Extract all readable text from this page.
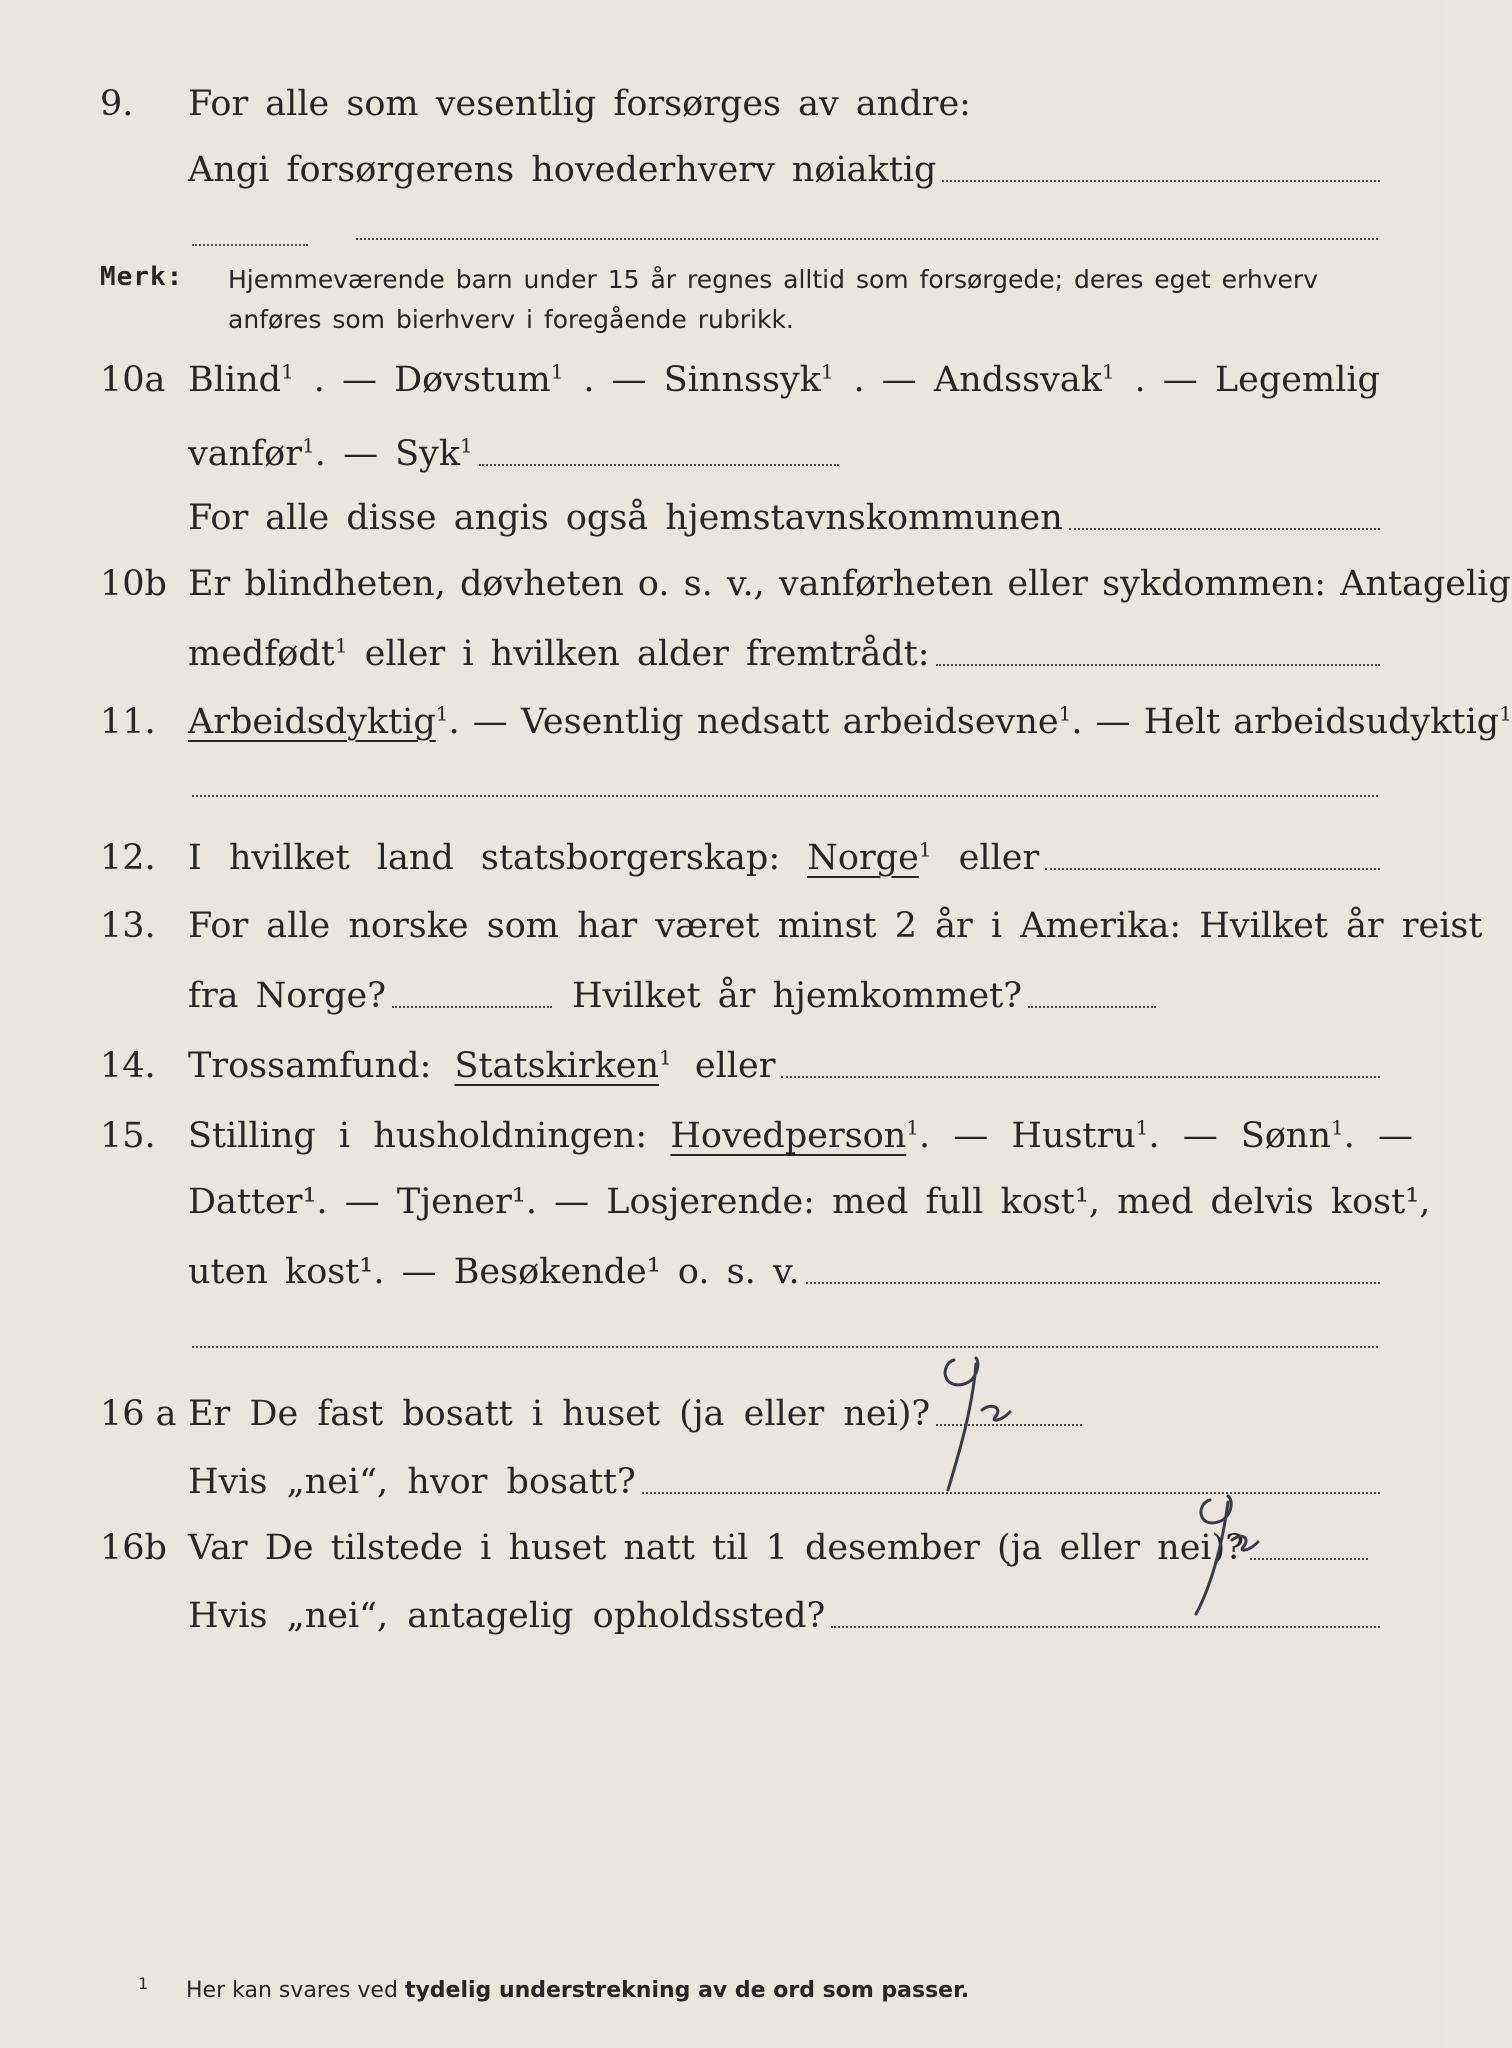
9.	For alle som vesentlig forsørges av andre:
Angi forsørgerens hovederhverv nøiaktig
Merk: Hjemmeværende barn under 15 år regnes alltid som forsørgede; deres eget erhverv anføres som bierhverv i foregående rubrikk.
10a Blind$^1$ . — Døvstum$^1$ . — Sinnssyk$^1$ . — Andssvak$^1$ . — Legemlig
vanfør$^1$. — Syk$^1$
For alle disse angis også hjemstavnskommunen
10b Er blindheten, døvheten o. s. v., vanførheten eller sykdommen: Antagelig
medfødt$^1$ eller i hvilken alder fremtrådt:
11. Arbeidsdyktig$^1$. — Vesentlig nedsatt arbeidsevne$^1$. — Helt arbeidsudyktig$^1$
12. I hvilket land statsborgerskap: Norge$^1$ eller
13. For alle norske som har været minst 2 år i Amerika: Hvilket år reist
fra Norge?	Hvilket år hjemkommet?
14. Trossamfund: Statskirken$^1$ eller
15. Stilling i husholdningen: Hovedperson$^1$. — Hustru$^1$. — Sønn$^1$. —
Datter¹. — Tjener¹. — Losjerende: med full kost¹, med delvis kost¹,
uten kost¹. — Besøkende¹ o. s. v.
16 a Er De fast bosatt i huset (ja eller nei)?
Hvis „nei“, hvor bosatt?
16b Var De tilstede i huset natt til 1 desember (ja eller nei)?
Hvis „nei“, antagelig opholdssted?
1 Her kan svares ved tydelig understrekning av de ord som passer.
